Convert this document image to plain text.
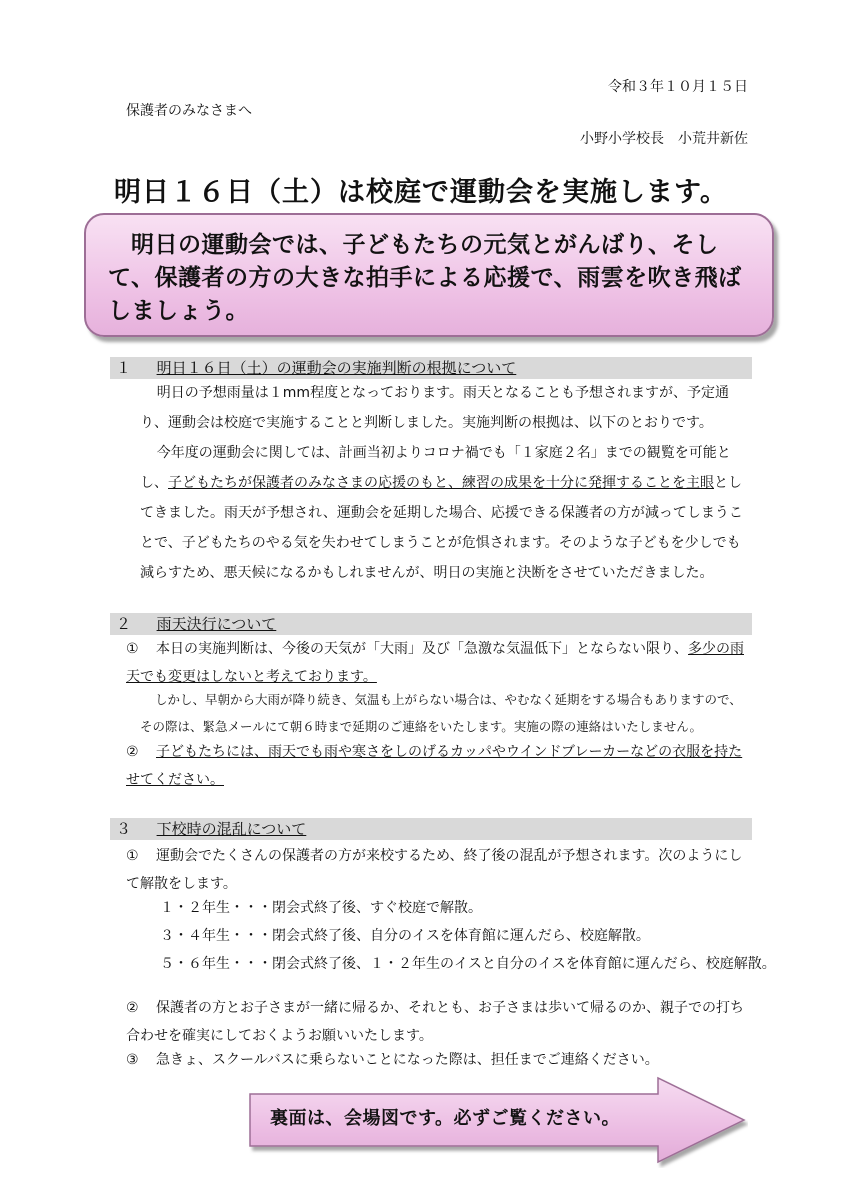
令和３年１０月１５日
保護者のみなさまへ
小野小学校長　小荒井新佐
明日１６日（土）は校庭で運動会を実施します。

明日の運動会では、子どもたちの元気とがんばり、そして、保護者の方の大きな拍手による応援で、雨雲を吹き飛ばしましょう。

１ 明日１６日（土）の運動会の実施判断の根拠について

明日の予想雨量は１mm程度となっております。雨天となることも予想されますが、予定通り、運動会は校庭で実施することと判断しました。実施判断の根拠は、以下のとおりです。

今年度の運動会に関しては、計画当初よりコロナ禍でも「１家庭２名」までの観覧を可能とし、子どもたちが保護者のみなさまの応援のもと、練習の成果を十分に発揮することを主眼としてきました。雨天が予想され、運動会を延期した場合、応援できる保護者の方が減ってしまうことで、子どもたちのやる気を失わせてしまうことが危惧されます。そのような子どもを少しでも減らすため、悪天候になるかもしれませんが、明日の実施と決断をさせていただきました。

２ 雨天決行について

① 本日の実施判断は、今後の天気が「大雨」及び「急激な気温低下」とならない限り、多少の雨天でも変更はしないと考えております。

しかし、早朝から大雨が降り続き、気温も上がらない場合は、やむなく延期をする場合もありますので、その際は、緊急メールにて朝６時まで延期のご連絡をいたします。実施の際の連絡はいたしません。

② 子どもたちには、雨天でも雨や寒さをしのげるカッパやウインドブレーカーなどの衣服を持たせてください。

３ 下校時の混乱について

① 運動会でたくさんの保護者の方が来校するため、終了後の混乱が予想されます。次のようにして解散をします。

１・２年生・・・閉会式終了後、すぐ校庭で解散。
３・４年生・・・閉会式終了後、自分のイスを体育館に運んだら、校庭解散。
５・６年生・・・閉会式終了後、１・２年生のイスと自分のイスを体育館に運んだら、校庭解散。

② 保護者の方とお子さまが一緒に帰るか、それとも、お子さまは歩いて帰るのか、親子での打ち合わせを確実にしておくようお願いいたします。

③ 急きょ、スクールバスに乗らないことになった際は、担任までご連絡ください。

裏面は、会場図です。必ずご覧ください。
